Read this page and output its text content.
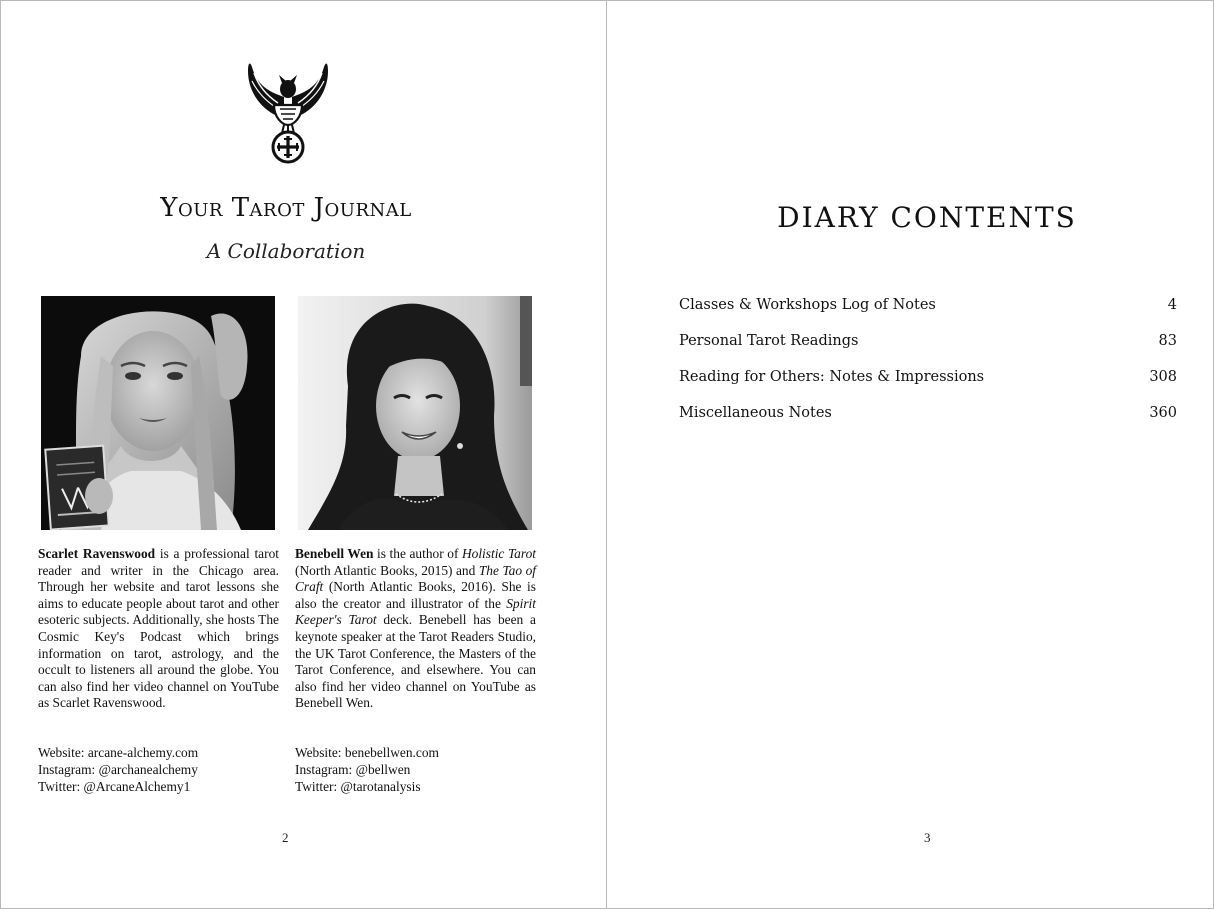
Your Tarot Journal
A Collaboration
Scarlet Ravenswood is a professional tarot reader and writer in the Chicago area. Through her website and tarot lessons she aims to educate people about tarot and other esoteric subjects. Additionally, she hosts The Cosmic Key's Podcast which brings information on tarot, astrology, and the occult to listeners all around the globe. You can also find her video channel on YouTube as Scarlet Ravenswood.
Benebell Wen is the author of Holistic Tarot (North Atlantic Books, 2015) and The Tao of Craft (North Atlantic Books, 2016). She is also the creator and illustrator of the Spirit Keeper's Tarot deck. Benebell has been a keynote speaker at the Tarot Readers Studio, the UK Tarot Conference, the Masters of the Tarot Conference, and elsewhere. You can also find her video channel on YouTube as Benebell Wen.
Website: arcane-alchemy.com
Instagram: @archanealchemy
Twitter: @ArcaneAlchemy1
Website: benebellwen.com
Instagram: @bellwen
Twitter: @tarotanalysis
2
DIARY CONTENTS
Classes & Workshops Log of Notes	4
Personal Tarot Readings	83
Reading for Others: Notes & Impressions	308
Miscellaneous Notes	360
3
